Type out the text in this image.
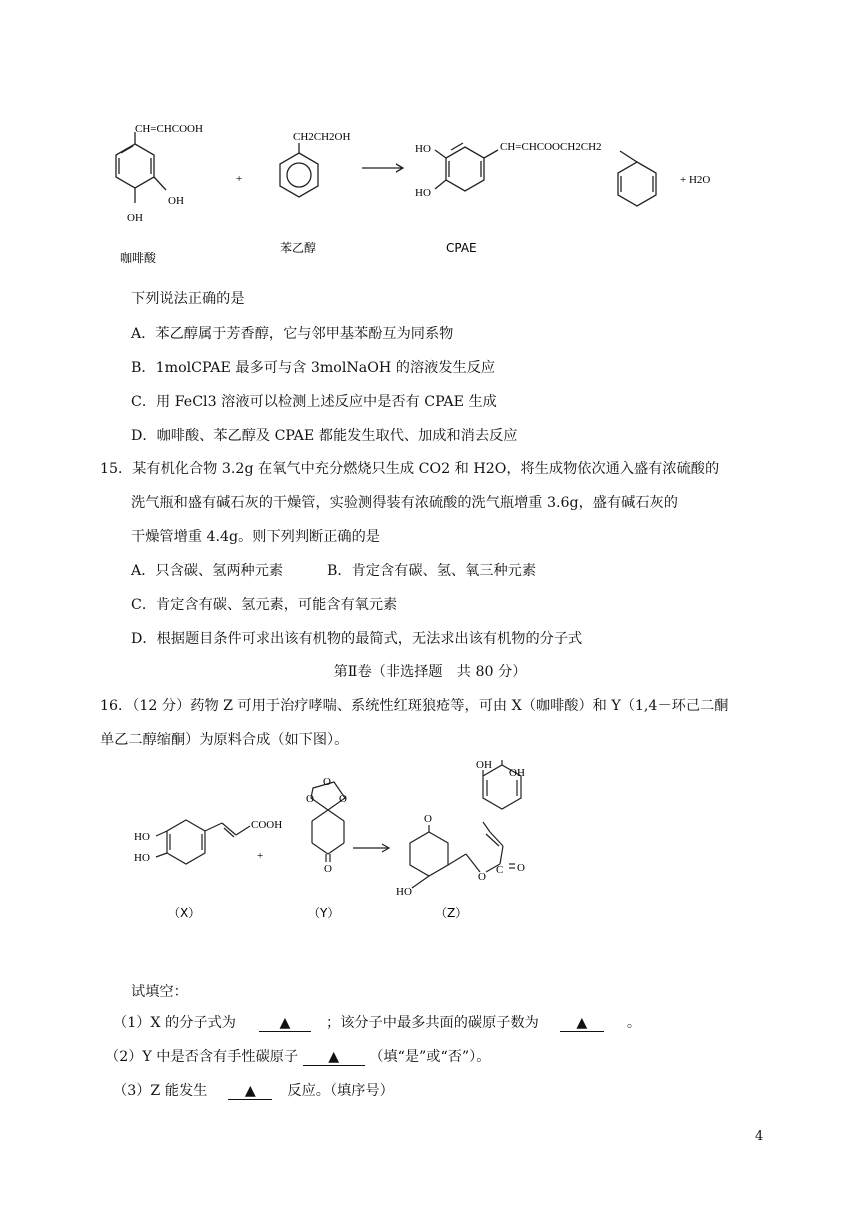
CH=CHCOOH
OH
OH
+
CH2CH2OH
HO
HO
CH=CHCOOCH2CH2
+ H2O
咖啡酸
苯乙醇	CPAE
下列说法正确的是
A．苯乙醇属于芳香醇，它与邻甲基苯酚互为同系物
B．1molCPAE 最多可与含 3molNaOH 的溶液发生反应
C．用 FeCl3 溶液可以检测上述反应中是否有 CPAE 生成
D．咖啡酸、苯乙醇及 CPAE 都能发生取代、加成和消去反应
15．某有机化合物 3.2g 在氧气中充分燃烧只生成 CO2 和 H2O，将生成物依次通入盛有浓硫酸的
洗气瓶和盛有碱石灰的干燥管，实验测得装有浓硫酸的洗气瓶增重 3.6g，盛有碱石灰的
干燥管增重 4.4g。则下列判断正确的是
A．只含碳、氢两种元素	B．肯定含有碳、氢、氧三种元素
C．肯定含有碳、氢元素，可能含有氧元素
D．根据题目条件可求出该有机物的最简式，无法求出该有机物的分子式
第Ⅱ卷（非选择题　共 80 分）
16．（12 分）药物 Z 可用于治疗哮喘、系统性红斑狼疮等，可由 X（咖啡酸）和 Y（1,4－环己二酮
单乙二醇缩酮）为原料合成（如下图）。
COOH
HO
HO	+
O
O O
O
O
HO
O
C O
OH
OH
（X）	（Y）	（Z）
试填空：
（1）X 的分子式为	▲	；该分子中最多共面的碳原子数为	▲	。
（2）Y 中是否含有手性碳原子 ▲ （填“是”或“否”）。
（3）Z 能发生	▲ 反应。（填序号）
4
